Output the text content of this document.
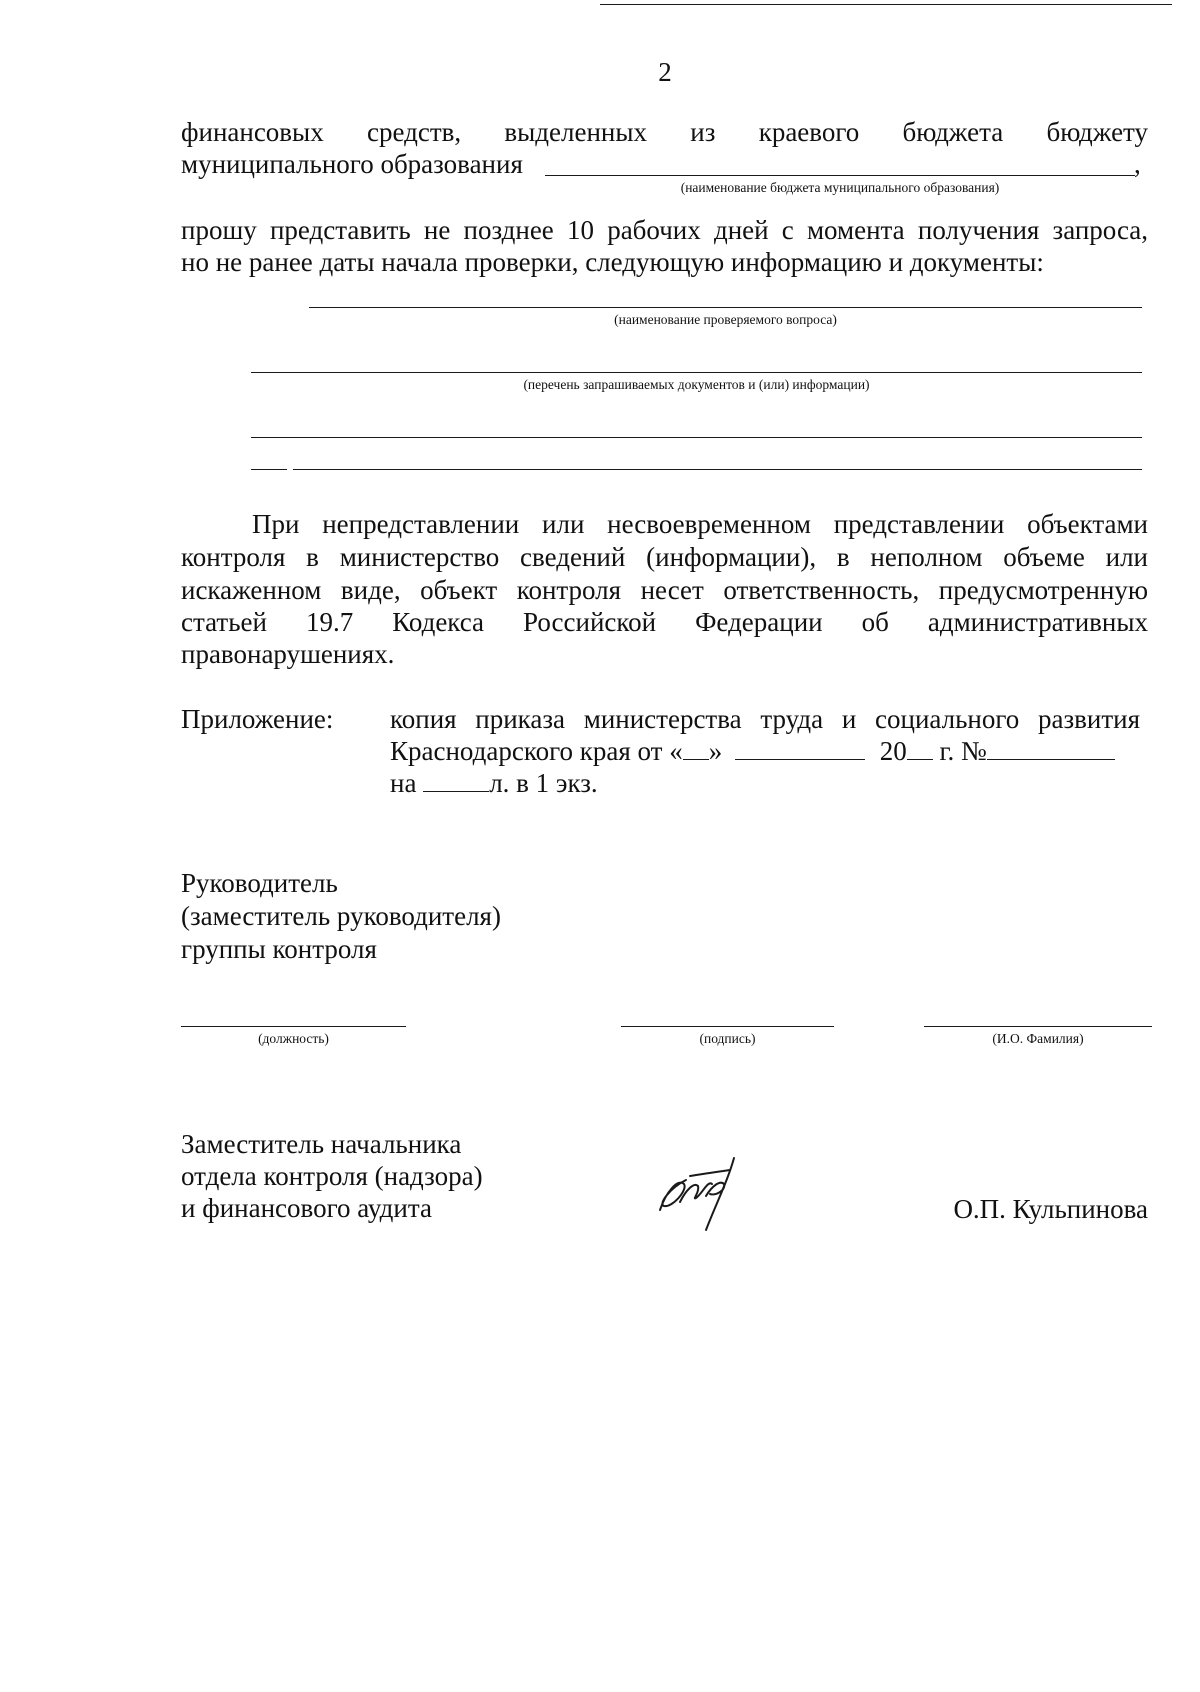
2
финансовых средств, выделенных из краевого бюджета бюджету
муниципального образования	,
(наименование бюджета муниципального образования)
прошу представить не позднее 10 рабочих дней с момента получения запроса,
но не ранее даты начала проверки, следующую информацию и документы:
(наименование проверяемого вопроса)
(перечень запрашиваемых документов и (или) информации)
При непредставлении или несвоевременном представлении объектами
контроля в министерство сведений (информации), в неполном объеме или
искаженном виде, объект контроля несет ответственность, предусмотренную
статьей 19.7 Кодекса Российской Федерации об административных
правонарушениях.
Приложение: копия приказа министерства труда и социального развития
Краснодарского края от « »	20 г. №
на	л. в 1 экз.
Руководитель
(заместитель руководителя)
группы контроля
(должность)	(подпись)	(И.О. Фамилия)
Заместитель начальника
отдела контроля (надзора)
и финансового аудита	О.П. Кульпинова
